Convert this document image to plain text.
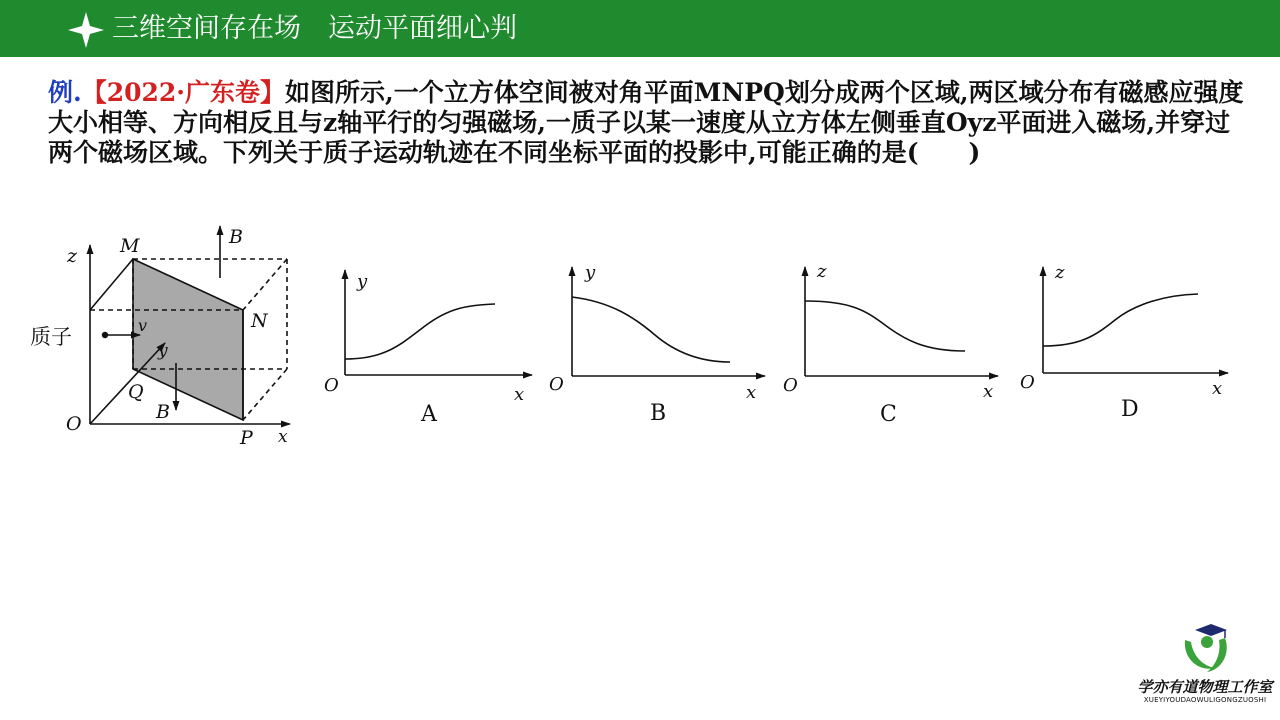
三维空间存在场　运动平面细心判
例.【2022·广东卷】如图所示,一个立方体空间被对角平面MNPQ划分成两个区域,两区域分布有磁感应强度大小相等、方向相反且与z轴平行的匀强磁场,一质子以某一速度从立方体左侧垂直Oyz平面进入磁场,并穿过两个磁场区域。下列关于质子运动轨迹在不同坐标平面的投影中,可能正确的是(　　)
z M	B
N
v
y
Q
B
O
P x
质子
y
O	x
A
y
O	x
B
z
O	x
C
z
O	x
D
学亦有道物理工作室
XUEYIYOUDAOWULIGONGZUOSHI
